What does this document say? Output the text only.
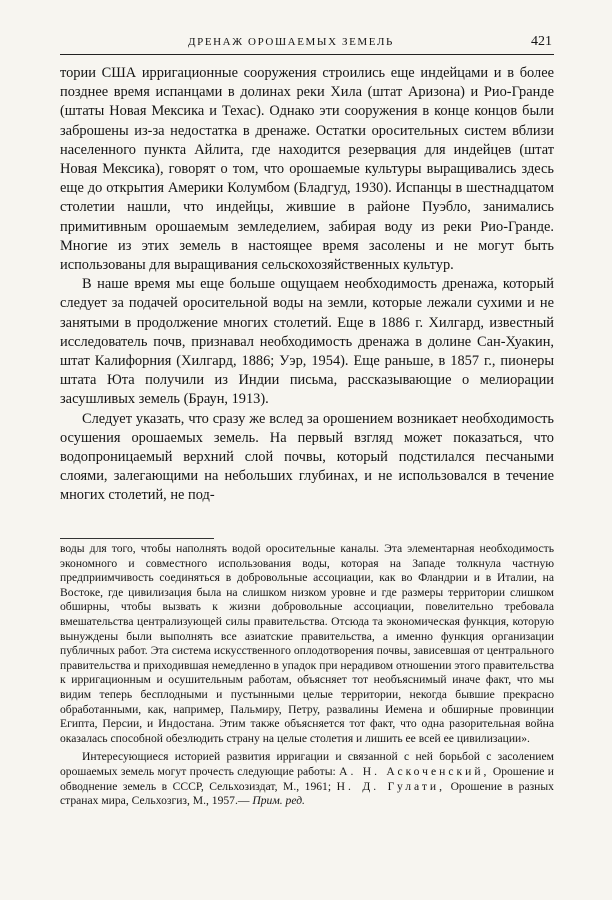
ДРЕНАЖ ОРОШАЕМЫХ ЗЕМЕЛЬ	421

тории США ирригационные сооружения строились еще индейцами и в более позднее время испанцами в долинах реки Хила (штат Аризона) и Рио-Гранде (штаты Новая Мексика и Техас). Однако эти сооружения в конце концов были заброшены из-за недостатка в дренаже. Остатки оросительных систем вблизи населенного пункта Айлита, где находится резервация для индейцев (штат Новая Мексика), говорят о том, что орошаемые культуры выращивались здесь еще до открытия Америки Колумбом (Бладгуд, 1930). Испанцы в шестнадцатом столетии нашли, что индейцы, жившие в районе Пуэбло, занимались примитивным орошаемым земледелием, забирая воду из реки Рио-Гранде. Многие из этих земель в настоящее время засолены и не могут быть использованы для выращивания сельскохозяйственных культур.

В наше время мы еще больше ощущаем необходимость дренажа, который следует за подачей оросительной воды на земли, которые лежали сухими и не занятыми в продолжение многих столетий. Еще в 1886 г. Хилгард, известный исследователь почв, признавал необходимость дренажа в долине Сан-Хуакин, штат Калифорния (Хилгард, 1886; Уэр, 1954). Еще раньше, в 1857 г., пионеры штата Юта получили из Индии письма, рассказывающие о мелиорации засушливых земель (Браун, 1913).

Следует указать, что сразу же вслед за орошением возникает необходимость осушения орошаемых земель. На первый взгляд может показаться, что водопроницаемый верхний слой почвы, который подстилался песчаными слоями, залегающими на небольших глубинах, и не использовался в течение многих столетий, не под-

воды для того, чтобы наполнять водой оросительные каналы. Эта элементарная необходимость экономного и совместного использования воды, которая на Западе толкнула частную предприимчивость соединяться в добровольные ассоциации, как во Фландрии и в Италии, на Востоке, где цивилизация была на слишком низком уровне и где размеры территории слишком обширны, чтобы вызвать к жизни добровольные ассоциации, повелительно требовала вмешательства централизующей силы правительства. Отсюда та экономическая функция, которую вынуждены были выполнять все азиатские правительства, а именно функция организации публичных работ. Эта система искусственного оплодотворения почвы, зависевшая от центрального правительства и приходившая немедленно в упадок при нерадивом отношении этого правительства к ирригационным и осушительным работам, объясняет тот необъяснимый иначе факт, что мы видим теперь бесплодными и пустынными целые территории, некогда бывшие прекрасно обработанными, как, например, Пальмиру, Петру, развалины Иемена и обширные провинции Египта, Персии, и Индостана. Этим также объясняется тот факт, что одна разорительная война оказалась способной обезлюдить страну на целые столетия и лишить ее всей ее цивилизации».

Интересующиеся историей развития ирригации и связанной с ней борьбой с засолением орошаемых земель могут прочесть следующие работы: А. Н. Аскоченский, Орошение и обводнение земель в СССР, Сельхозиздат, М., 1961; Н. Д. Гулати, Орошение в разных странах мира, Сельхозгиз, М., 1957.— Прим. ред.
